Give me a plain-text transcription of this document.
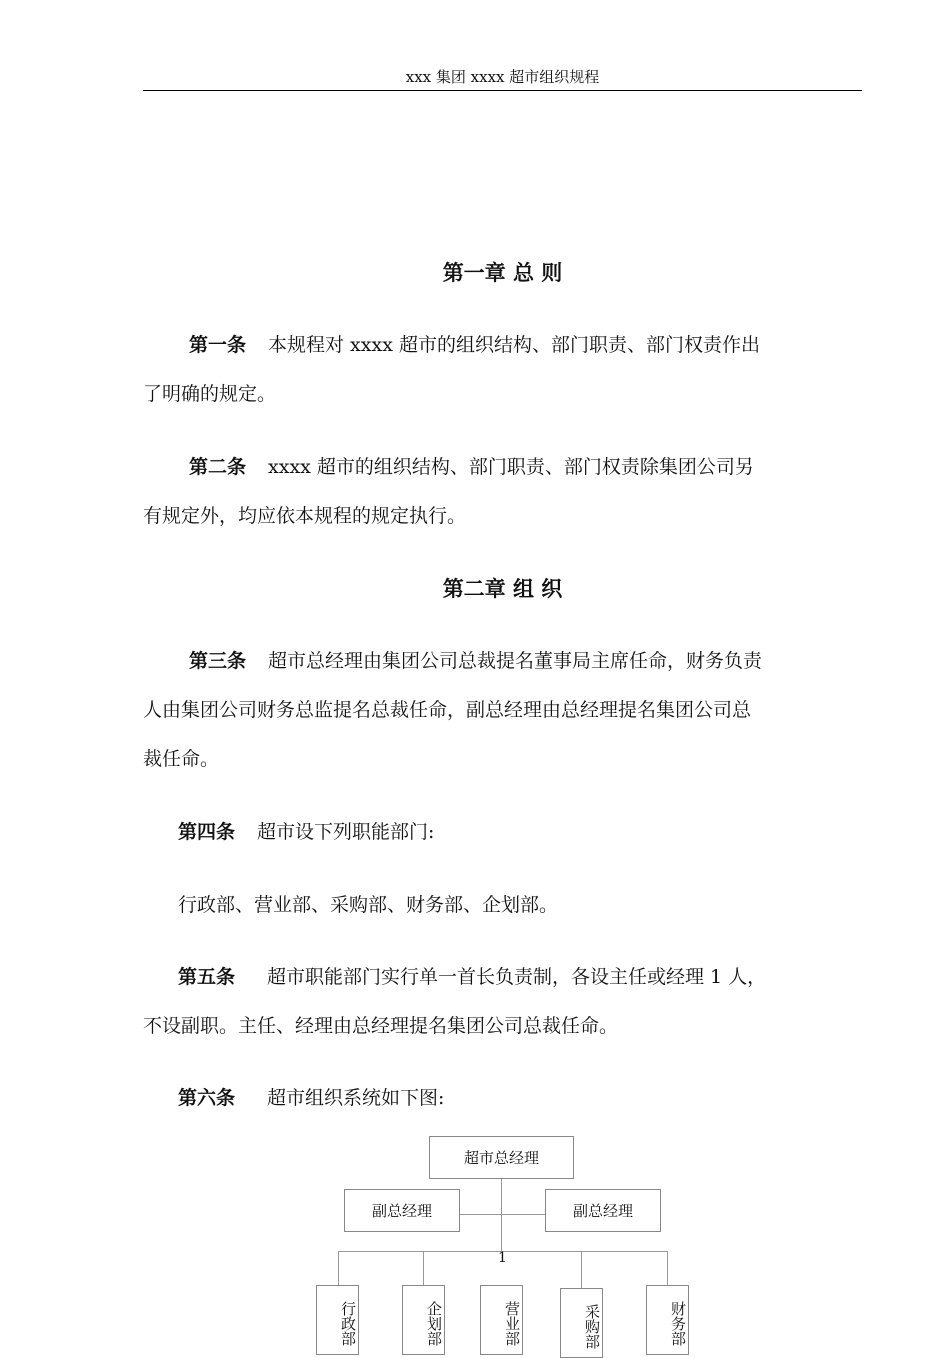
xxx 集团 xxxx 超市组织规程
第一章 总 则
第一条 本规程对 xxxx 超市的组织结构、部门职责、部门权责作出
了明确的规定。
第二条 xxxx 超市的组织结构、部门职责、部门权责除集团公司另
有规定外，均应依本规程的规定执行。
第二章 组 织
第三条 超市总经理由集团公司总裁提名董事局主席任命，财务负责
人由集团公司财务总监提名总裁任命，副总经理由总经理提名集团公司总
裁任命。
第四条 超市设下列职能部门:
行政部、营业部、采购部、财务部、企划部。
第五条 超市职能部门实行单一首长负责制，各设主任或经理 1 人，
不设副职。主任、经理由总经理提名集团公司总裁任命。
第六条 超市组织系统如下图:
超市总经理
副总经理	副总经理
1
行政部	企划部	营业部	采购部	财务部
